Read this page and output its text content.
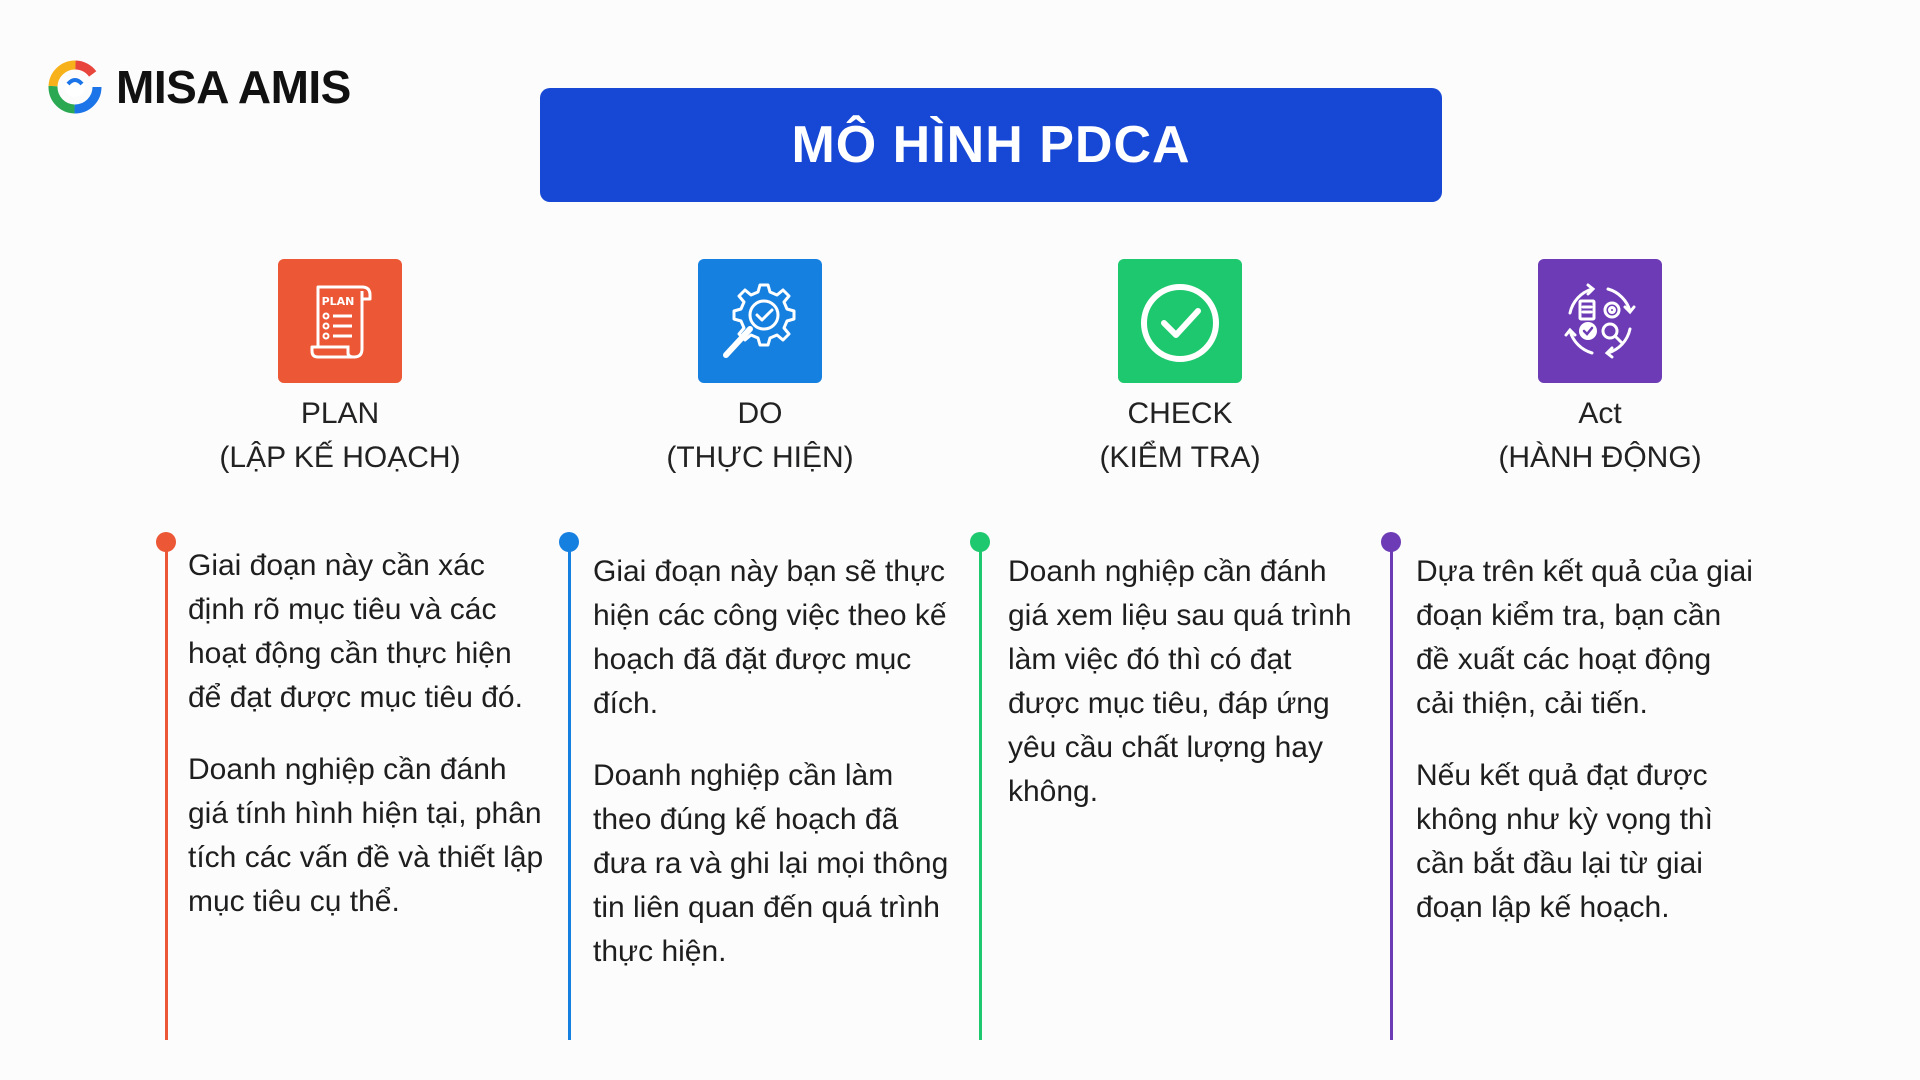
MISA AMIS
MÔ HÌNH PDCA
PLAN
PLAN
(LẬP KẾ HOẠCH)
DO
(THỰC HIỆN)
CHECK
(KIỂM TRA)
Act
(HÀNH ĐỘNG)

Giai đoạn này cần xác định rõ mục tiêu và các hoạt động cần thực hiện để đạt được mục tiêu đó.

Doanh nghiệp cần đánh giá tính hình hiện tại, phân tích các vấn đề và thiết lập mục tiêu cụ thể.

Giai đoạn này bạn sẽ thực hiện các công việc theo kế hoạch đã đặt được mục đích.

Doanh nghiệp cần làm theo đúng kế hoạch đã đưa ra và ghi lại mọi thông tin liên quan đến quá trình thực hiện.

Doanh nghiệp cần đánh giá xem liệu sau quá trình làm việc đó thì có đạt được mục tiêu, đáp ứng yêu cầu chất lượng hay không.

Dựa trên kết quả của giai đoạn kiểm tra, bạn cần đề xuất các hoạt động cải thiện, cải tiến.

Nếu kết quả đạt được không như kỳ vọng thì cần bắt đầu lại từ giai đoạn lập kế hoạch.
